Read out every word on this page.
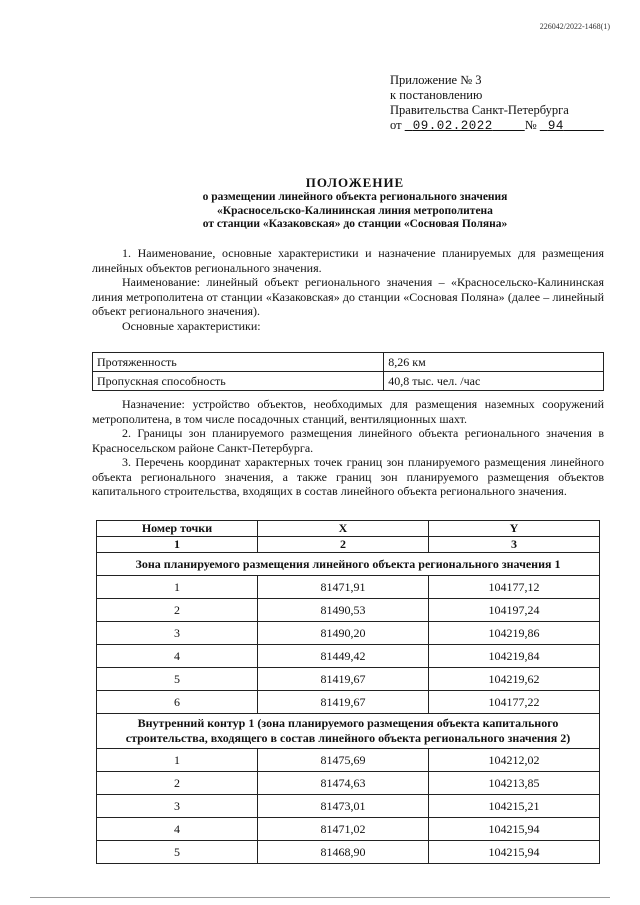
226042/2022-1468(1)
Приложение № 3
к постановлению
Правительства Санкт-Петербурга
от 09.02.2022	№ 94
ПОЛОЖЕНИЕ
о размещении линейного объекта регионального значения
«Красносельско-Калининская линия метрополитена
от станции «Казаковская» до станции «Сосновая Поляна»

1. Наименование, основные характеристики и назначение планируемых для размещения линейных объектов регионального значения.

Наименование: линейный объект регионального значения – «Красносельско-Калининская линия метрополитена от станции «Казаковская» до станции «Сосновая Поляна» (далее – линейный объект регионального значения).

Основные характеристики:

Протяженность	8,26 км
Пропускная способность	40,8 тыс. чел. /час

Назначение: устройство объектов, необходимых для размещения наземных сооружений метрополитена, в том числе посадочных станций, вентиляционных шахт.

2. Границы зон планируемого размещения линейного объекта регионального значения в Красносельском районе Санкт-Петербурга.

3. Перечень координат характерных точек границ зон планируемого размещения линейного объекта регионального значения, а также границ зон планируемого размещения объектов капитального строительства, входящих в состав линейного объекта регионального значения.

Номер точки	X	Y
1	2	3
Зона планируемого размещения линейного объекта регионального значения 1		
1	81471,91	104177,12
2	81490,53	104197,24
3	81490,20	104219,86
4	81449,42	104219,84
5	81419,67	104219,62
6	81419,67	104177,22

Внутренний контур 1 (зона планируемого размещения объекта капитального
строительства, входящего в состав линейного объекта регионального значения 2)		

1	81475,69	104212,02
2	81474,63	104213,85
3	81473,01	104215,21
4	81471,02	104215,94
5	81468,90	104215,94
